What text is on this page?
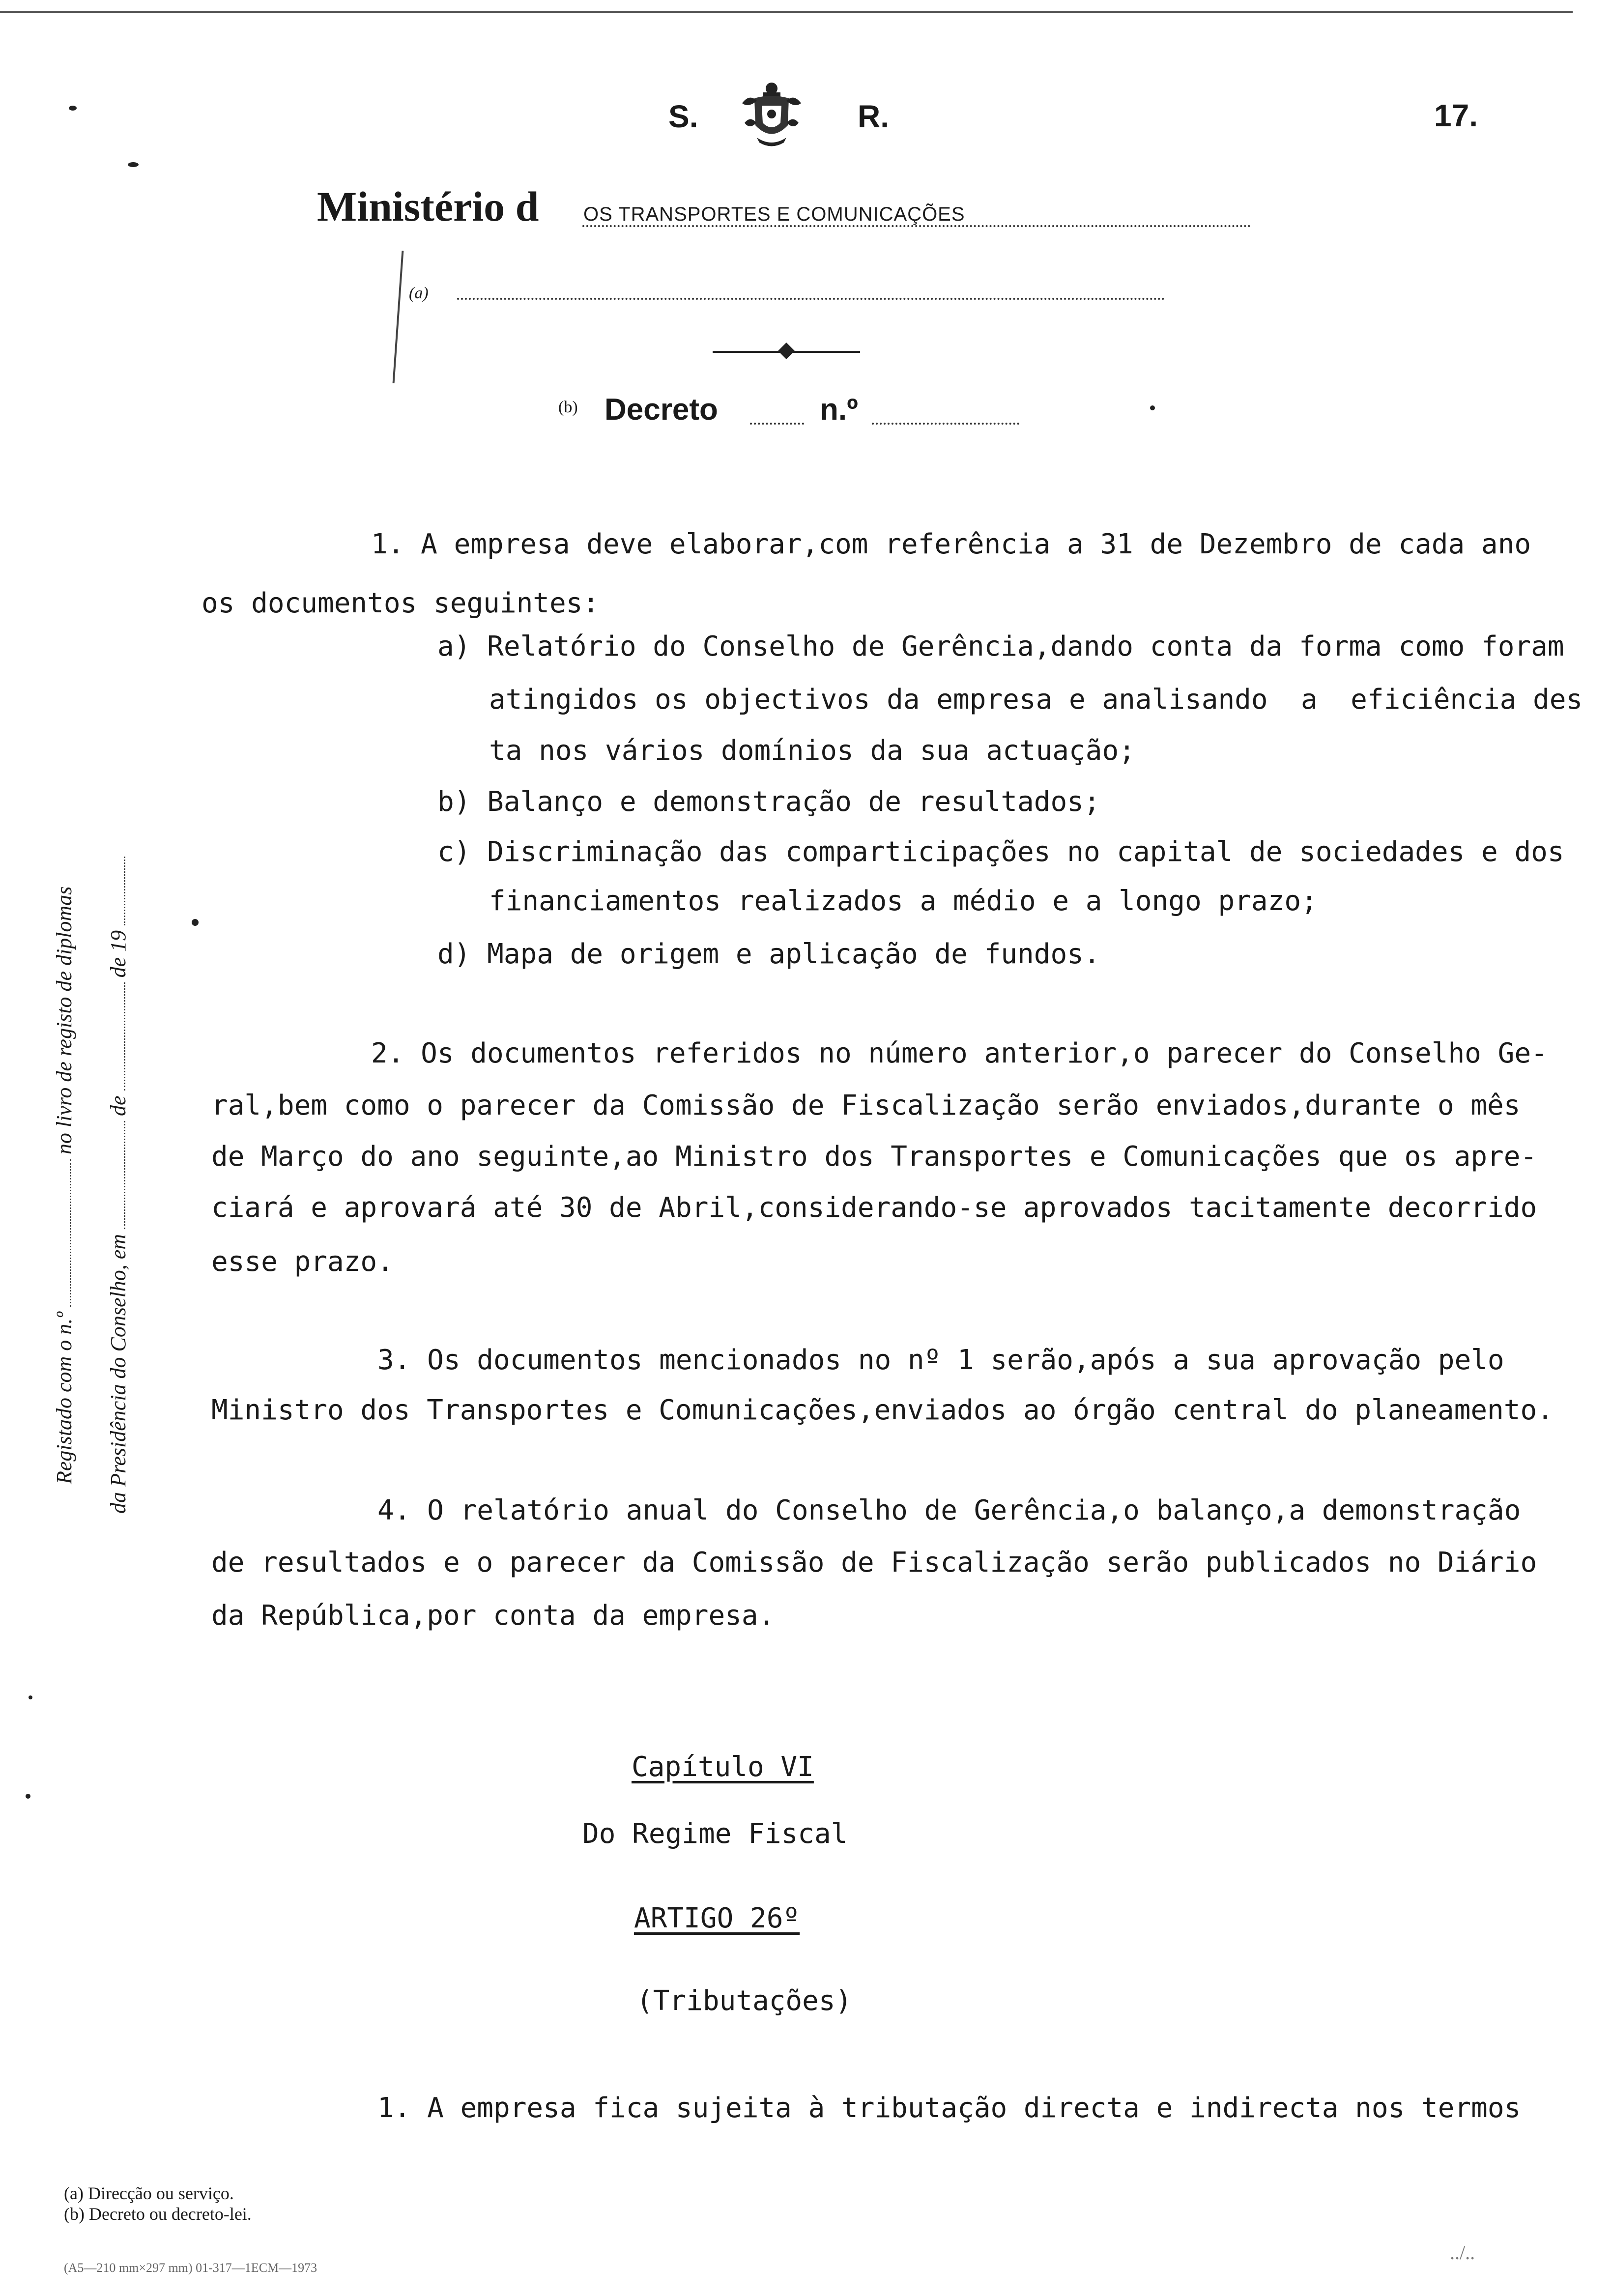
S.	R.	17.
Ministério d OS TRANSPORTES E COMUNICAÇÕES
(a)
(b) Decreto	n.º
Registado com o n.ºno livro de registo de diplomas
da Presidência do Conselho, emdede 19
1. A empresa deve elaborar,com referência a 31 de Dezembro de cada ano
os documentos seguintes:
a) Relatório do Conselho de Gerência,dando conta da forma como foram
atingidos os objectivos da empresa e analisando  a  eficiência des
ta nos vários domínios da sua actuação;
b) Balanço e demonstração de resultados;
c) Discriminação das comparticipações no capital de sociedades e dos
financiamentos realizados a médio e a longo prazo;
d) Mapa de origem e aplicação de fundos.
2. Os documentos referidos no número anterior,o parecer do Conselho Ge-
ral,bem como o parecer da Comissão de Fiscalização serão enviados,durante o mês
de Março do ano seguinte,ao Ministro dos Transportes e Comunicações que os apre-
ciará e aprovará até 30 de Abril,considerando-se aprovados tacitamente decorrido
esse prazo.
3. Os documentos mencionados no nº 1 serão,após a sua aprovação pelo
Ministro dos Transportes e Comunicações,enviados ao órgão central do planeamento.
4. O relatório anual do Conselho de Gerência,o balanço,a demonstração
de resultados e o parecer da Comissão de Fiscalização serão publicados no Diário
da República,por conta da empresa.
Capítulo VI
Do Regime Fiscal
ARTIGO 26º
(Tributações)
1. A empresa fica sujeita à tributação directa e indirecta nos termos
(a) Direcção ou serviço.
(b) Decreto ou decreto-lei.
(A5—210 mm×297 mm) 01-317—1ECM—1973
../..
